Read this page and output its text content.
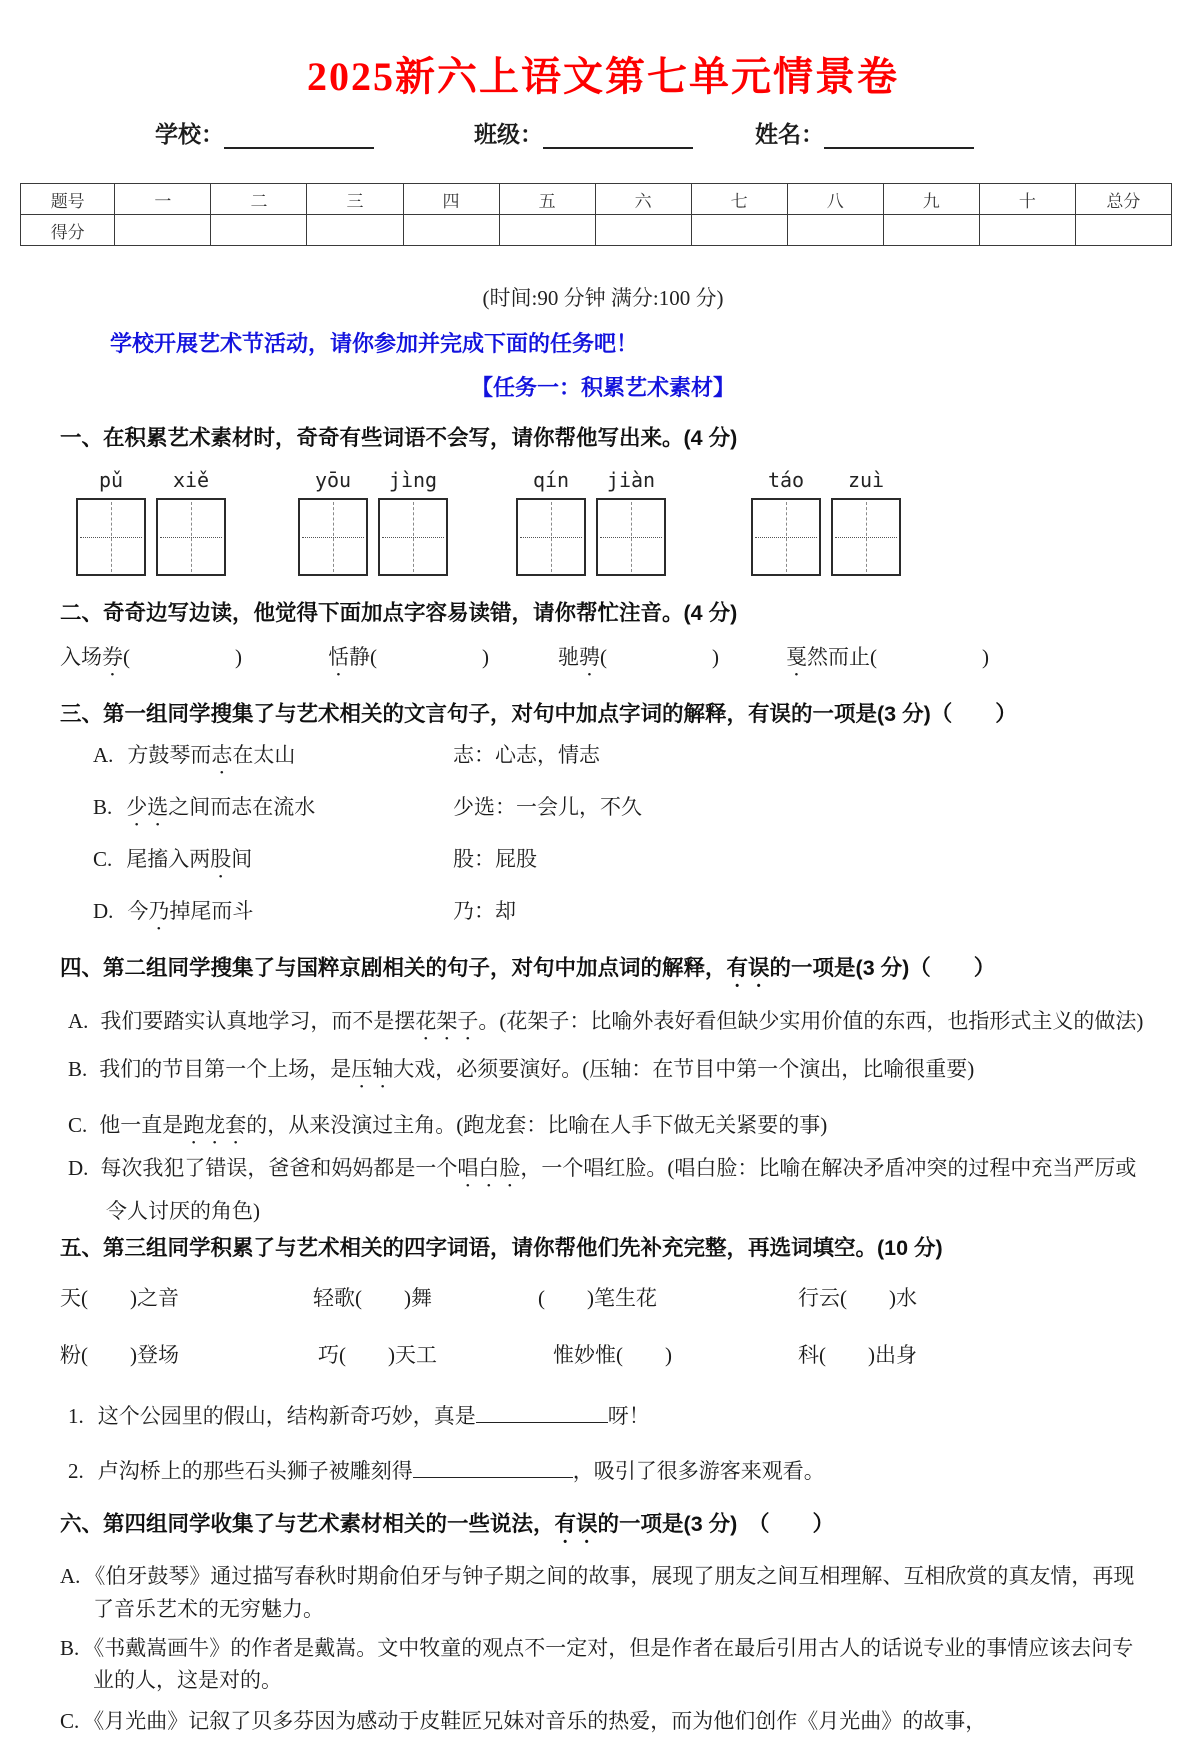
2025新六上语文第七单元情景卷
学校：	班级：	姓名：
题号	一	二	三	四	五	六	七	八	九	十	总分
得分											
(时间:90 分钟 满分:100 分)
学校开展艺术节活动，请你参加并完成下面的任务吧！
【任务一：积累艺术素材】
一、在积累艺术素材时，奇奇有些词语不会写，请你帮他写出来。(4 分)
pǔ	xiě	yōu	jìng	qín	jiàn	táo	zuì
二、奇奇边写边读，他觉得下面加点字容易读错，请你帮忙注音。(4 分)
入场券(　　　　　)	恬静(　　　　　)	驰骋(　　　　　)	戛然而止(　　　　　)
三、第一组同学搜集了与艺术相关的文言句子，对句中加点字词的解释，有误的一项是(3 分)（　　）
A. 方鼓琴而志在太山	志：心志，情志
B. 少选之间而志在流水	少选：一会儿，不久
C. 尾搐入两股间	股：屁股
D. 今乃掉尾而斗	乃：却
四、第二组同学搜集了与国粹京剧相关的句子，对句中加点词的解释，有误的一项是(3 分)（　　）
A. 我们要踏实认真地学习，而不是摆花架子。(花架子：比喻外表好看但缺少实用价值的东西，也指形式主义的做法)
B. 我们的节目第一个上场，是压轴大戏，必须要演好。(压轴：在节目中第一个演出，比喻很重要)
C. 他一直是跑龙套的，从来没演过主角。(跑龙套：比喻在人手下做无关紧要的事)
D. 每次我犯了错误，爸爸和妈妈都是一个唱白脸，一个唱红脸。(唱白脸：比喻在解决矛盾冲突的过程中充当严厉或令人讨厌的角色)
五、第三组同学积累了与艺术相关的四字词语，请你帮他们先补充完整，再选词填空。(10 分)
天(　　)之音	轻歌(　　)舞	(　　)笔生花	行云(　　)水
粉(　　)登场	巧(　　)天工	惟妙惟(　　)	科(　　)出身
1. 这个公园里的假山，结构新奇巧妙，真是	呀！
2. 卢沟桥上的那些石头狮子被雕刻得	，吸引了很多游客来观看。
六、第四组同学收集了与艺术素材相关的一些说法，有误的一项是(3 分)　（　　）
A. 《伯牙鼓琴》通过描写春秋时期俞伯牙与钟子期之间的故事，展现了朋友之间互相理解、互相欣赏的真友情，再现了音乐艺术的无穷魅力。
B. 《书戴嵩画牛》的作者是戴嵩。文中牧童的观点不一定对，但是作者在最后引用古人的话说专业的事情应该去问专业的人，这是对的。
C. 《月光曲》记叙了贝多芬因为感动于皮鞋匠兄妹对音乐的热爱，而为他们创作《月光曲》的故事，
